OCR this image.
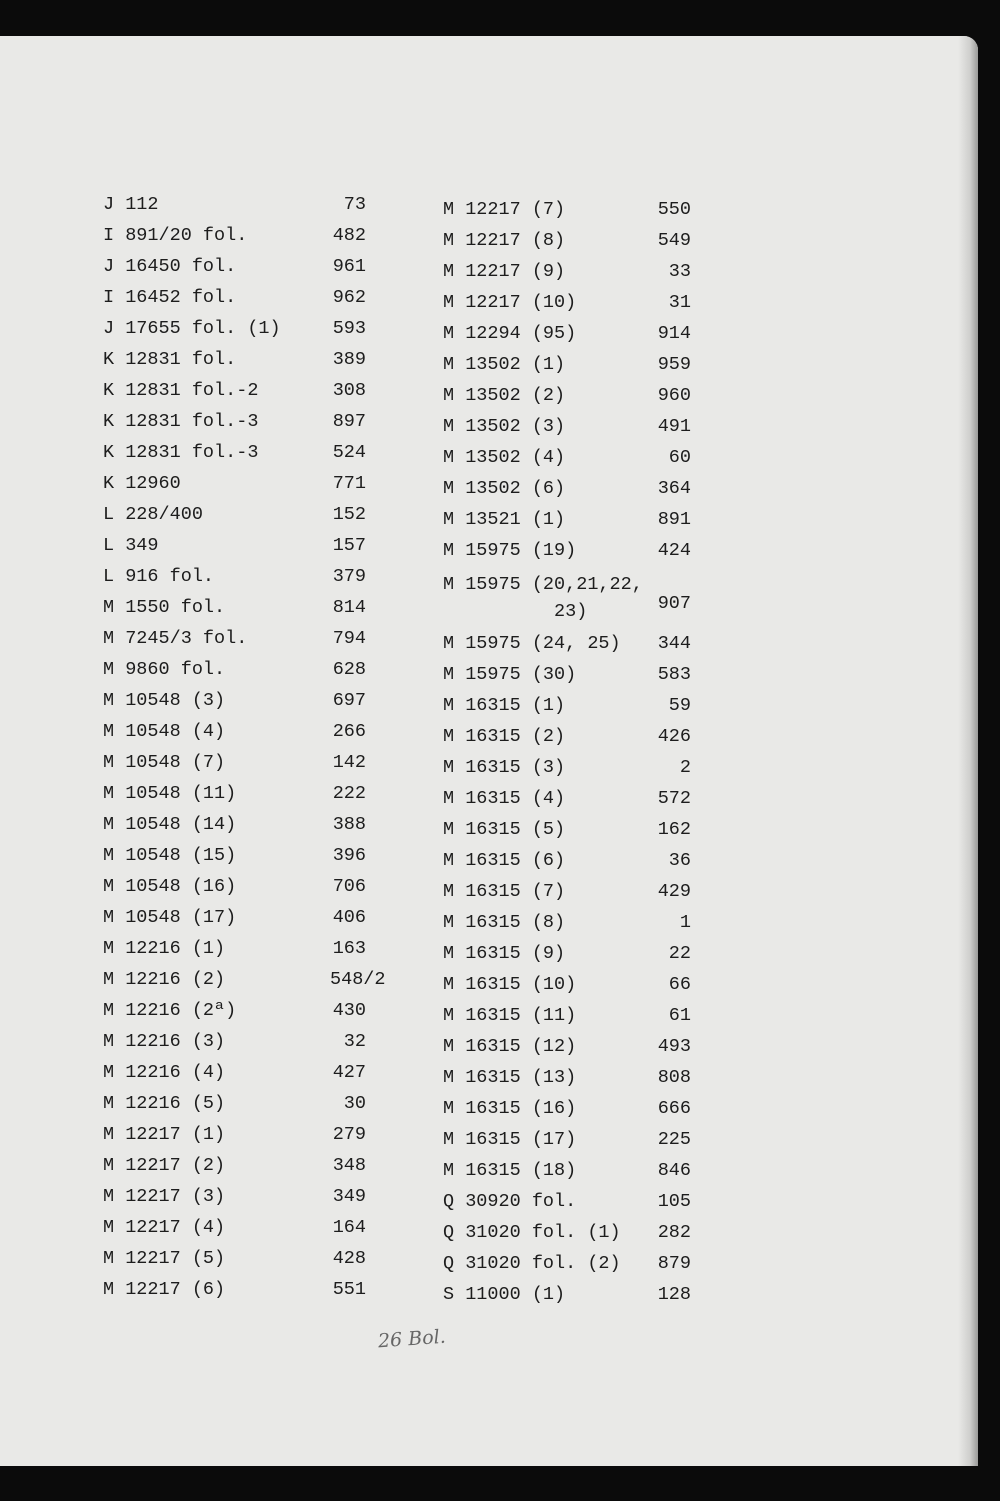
J 112	73
I 891/20 fol.	482
J 16450 fol.	961
I 16452 fol.	962
J 17655 fol. (1)	593
K 12831 fol.	389
K 12831 fol.-2	308
K 12831 fol.-3	897
K 12831 fol.-3	524
K 12960	771
L 228/400	152
L 349	157
L 916 fol.	379
M 1550 fol.	814
M 7245/3 fol.	794
M 9860 fol.	628
M 10548 (3)	697
M 10548 (4)	266
M 10548 (7)	142
M 10548 (11)	222
M 10548 (14)	388
M 10548 (15)	396
M 10548 (16)	706
M 10548 (17)	406
M 12216 (1)	163
M 12216 (2)	548/2
M 12216 (2ª)	430
M 12216 (3)	32
M 12216 (4)	427
M 12216 (5)	30
M 12217 (1)	279
M 12217 (2)	348
M 12217 (3)	349
M 12217 (4)	164
M 12217 (5)	428
M 12217 (6)	551
M 12217 (7)	550
M 12217 (8)	549
M 12217 (9)	33
M 12217 (10)	31
M 12294 (95)	914
M 13502 (1)	959
M 13502 (2)	960
M 13502 (3)	491
M 13502 (4)	60
M 13502 (6)	364
M 13521 (1)	891
M 15975 (19)	424
M 15975 (20,21,22,
23)	907
M 15975 (24, 25)	344
M 15975 (30)	583
M 16315 (1)	59
M 16315 (2)	426
M 16315 (3)	2
M 16315 (4)	572
M 16315 (5)	162
M 16315 (6)	36
M 16315 (7)	429
M 16315 (8)	1
M 16315 (9)	22
M 16315 (10)	66
M 16315 (11)	61
M 16315 (12)	493
M 16315 (13)	808
M 16315 (16)	666
M 16315 (17)	225
M 16315 (18)	846
Q 30920 fol.	105
Q 31020 fol. (1)	282
Q 31020 fol. (2)	879
S 11000 (1)	128
26 Bol.
